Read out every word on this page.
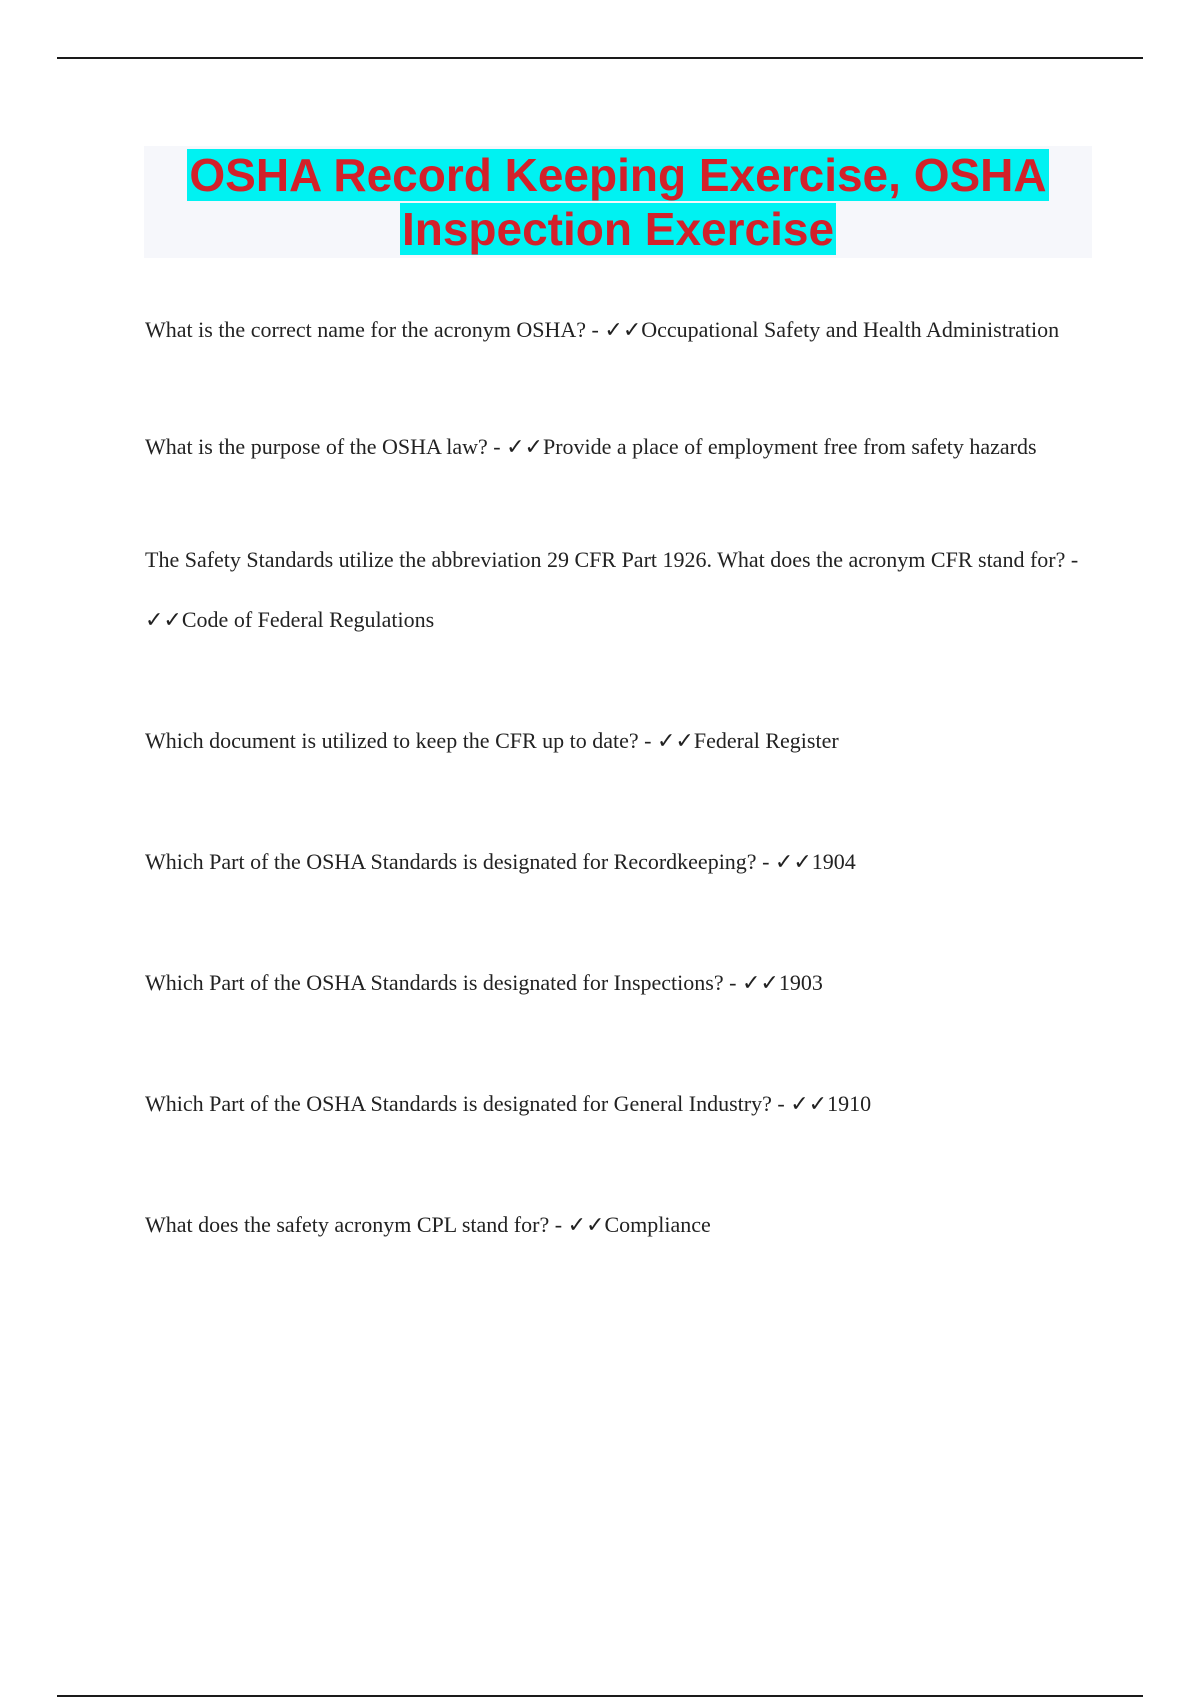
OSHA Record Keeping Exercise, OSHA
Inspection Exercise
What is the correct name for the acronym OSHA? - ✓✓Occupational Safety and Health Administration
What is the purpose of the OSHA law? - ✓✓Provide a place of employment free from safety hazards
The Safety Standards utilize the abbreviation 29 CFR Part 1926. What does the acronym CFR stand for? - ✓✓Code of Federal Regulations
Which document is utilized to keep the CFR up to date? - ✓✓Federal Register
Which Part of the OSHA Standards is designated for Recordkeeping? - ✓✓1904
Which Part of the OSHA Standards is designated for Inspections? - ✓✓1903
Which Part of the OSHA Standards is designated for General Industry? - ✓✓1910
What does the safety acronym CPL stand for? - ✓✓Compliance
